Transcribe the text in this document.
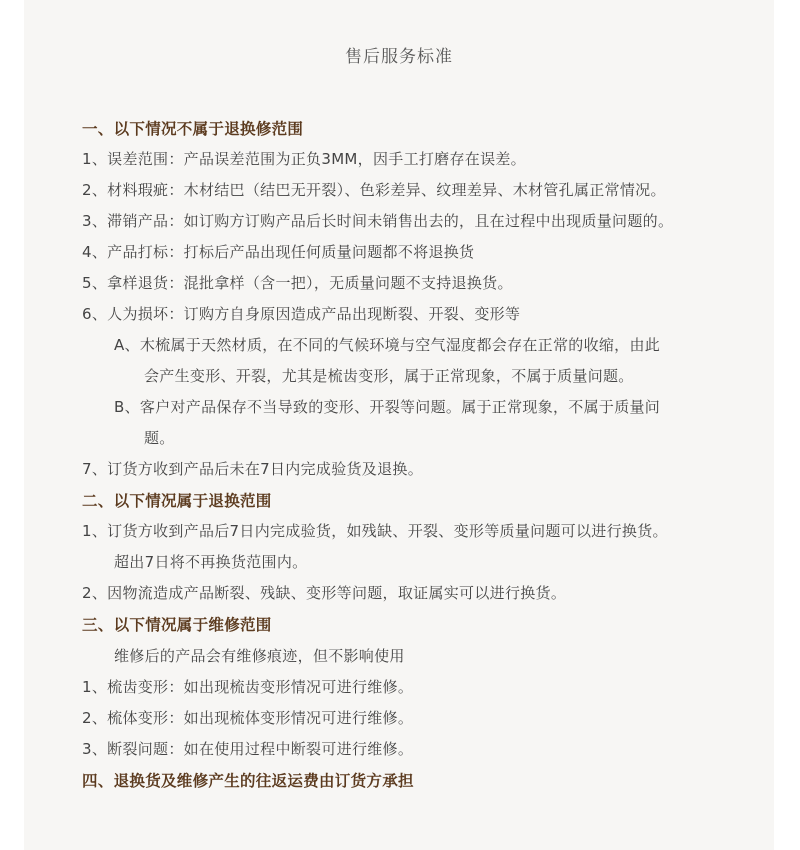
售后服务标准
一、以下情况不属于退换修范围
1、误差范围：产品误差范围为正负3MM，因手工打磨存在误差。
2、材料瑕疵：木材结巴（结巴无开裂）、色彩差异、纹理差异、木材管孔属正常情况。
3、滞销产品：如订购方订购产品后长时间未销售出去的，且在过程中出现质量问题的。
4、产品打标：打标后产品出现任何质量问题都不将退换货
5、拿样退货：混批拿样（含一把），无质量问题不支持退换货。
6、人为损坏：订购方自身原因造成产品出现断裂、开裂、变形等
A、木梳属于天然材质，在不同的气候环境与空气湿度都会存在正常的收缩，由此
会产生变形、开裂，尤其是梳齿变形，属于正常现象，不属于质量问题。
B、客户对产品保存不当导致的变形、开裂等问题。属于正常现象，不属于质量问
题。
7、订货方收到产品后未在7日内完成验货及退换。
二、以下情况属于退换范围
1、订货方收到产品后7日内完成验货，如残缺、开裂、变形等质量问题可以进行换货。
超出7日将不再换货范围内。
2、因物流造成产品断裂、残缺、变形等问题，取证属实可以进行换货。
三、以下情况属于维修范围
维修后的产品会有维修痕迹，但不影响使用
1、梳齿变形：如出现梳齿变形情况可进行维修。
2、梳体变形：如出现梳体变形情况可进行维修。
3、断裂问题：如在使用过程中断裂可进行维修。
四、退换货及维修产生的往返运费由订货方承担
